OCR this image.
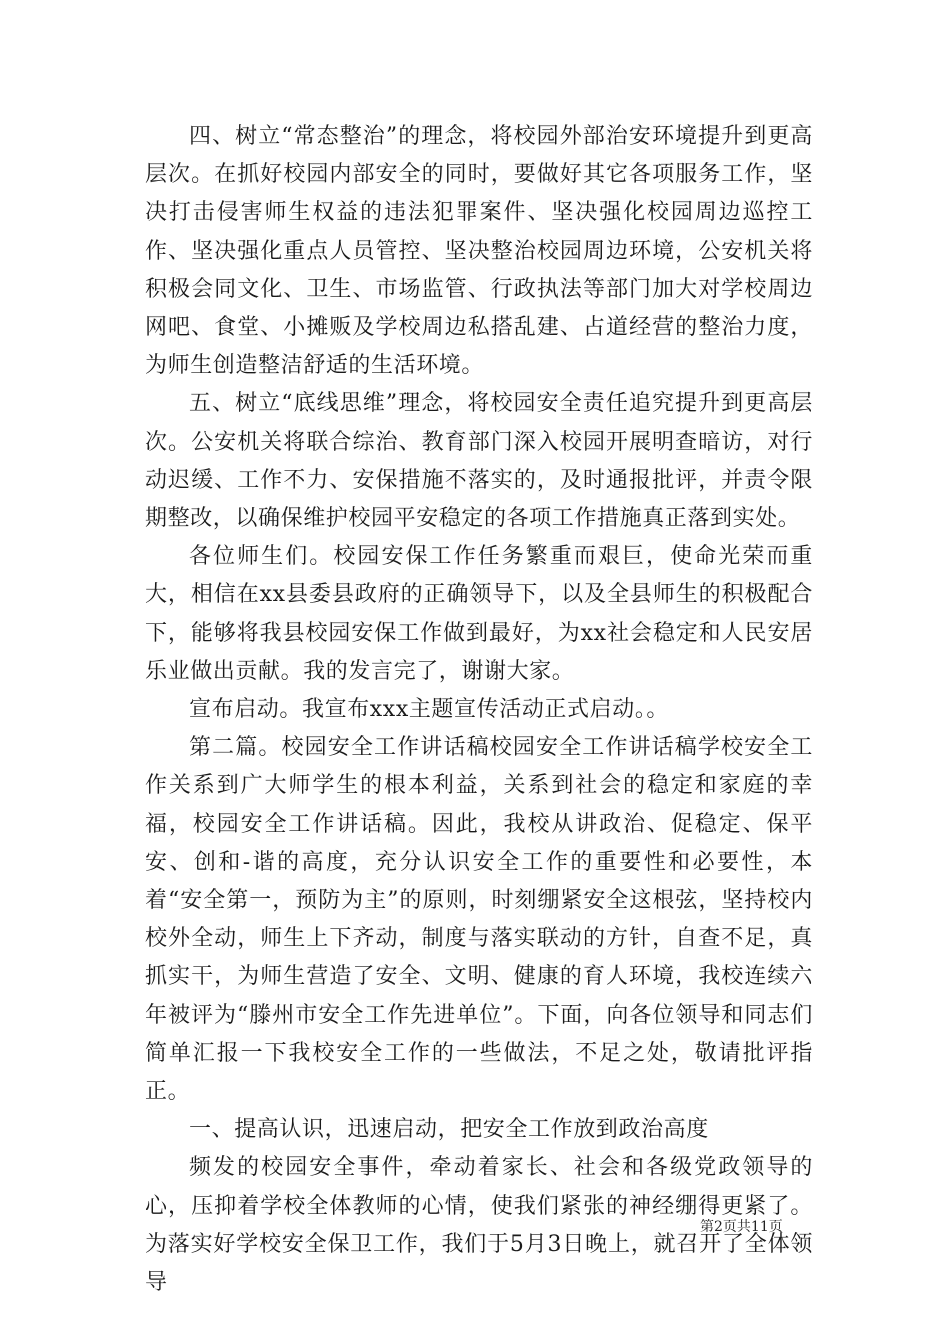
四、树立“常态整治”的理念，将校园外部治安环境提升到更高层次。在抓好校园内部安全的同时，要做好其它各项服务工作，坚决打击侵害师生权益的违法犯罪案件、坚决强化校园周边巡控工作、坚决强化重点人员管控、坚决整治校园周边环境，公安机关将积极会同文化、卫生、市场监管、行政执法等部门加大对学校周边网吧、食堂、小摊贩及学校周边私搭乱建、占道经营的整治力度，为师生创造整洁舒适的生活环境。

五、树立“底线思维”理念，将校园安全责任追究提升到更高层次。公安机关将联合综治、教育部门深入校园开展明查暗访，对行动迟缓、工作不力、安保措施不落实的，及时通报批评，并责令限期整改，以确保维护校园平安稳定的各项工作措施真正落到实处。

各位师生们。校园安保工作任务繁重而艰巨，使命光荣而重大，相信在xx县委县政府的正确领导下，以及全县师生的积极配合下，能够将我县校园安保工作做到最好，为xx社会稳定和人民安居乐业做出贡献。我的发言完了，谢谢大家。

宣布启动。我宣布xxx主题宣传活动正式启动。。

第二篇。校园安全工作讲话稿校园安全工作讲话稿学校安全工作关系到广大师学生的根本利益，关系到社会的稳定和家庭的幸福，校园安全工作讲话稿。因此，我校从讲政治、促稳定、保平安、创和-谐的高度，充分认识安全工作的重要性和必要性，本着“安全第一，预防为主”的原则，时刻绷紧安全这根弦，坚持校内校外全动，师生上下齐动，制度与落实联动的方针，自查不足，真抓实干，为师生营造了安全、文明、健康的育人环境，我校连续六年被评为“滕州市安全工作先进单位”。下面，向各位领导和同志们简单汇报一下我校安全工作的一些做法，不足之处，敬请批评指正。

一、提高认识，迅速启动，把安全工作放到政治高度

频发的校园安全事件，牵动着家长、社会和各级党政领导的心，压抑着学校全体教师的心情，使我们紧张的神经绷得更紧了。为落实好学校安全保卫工作，我们于5月3日晚上，就召开了全体领导

第2页共11页
